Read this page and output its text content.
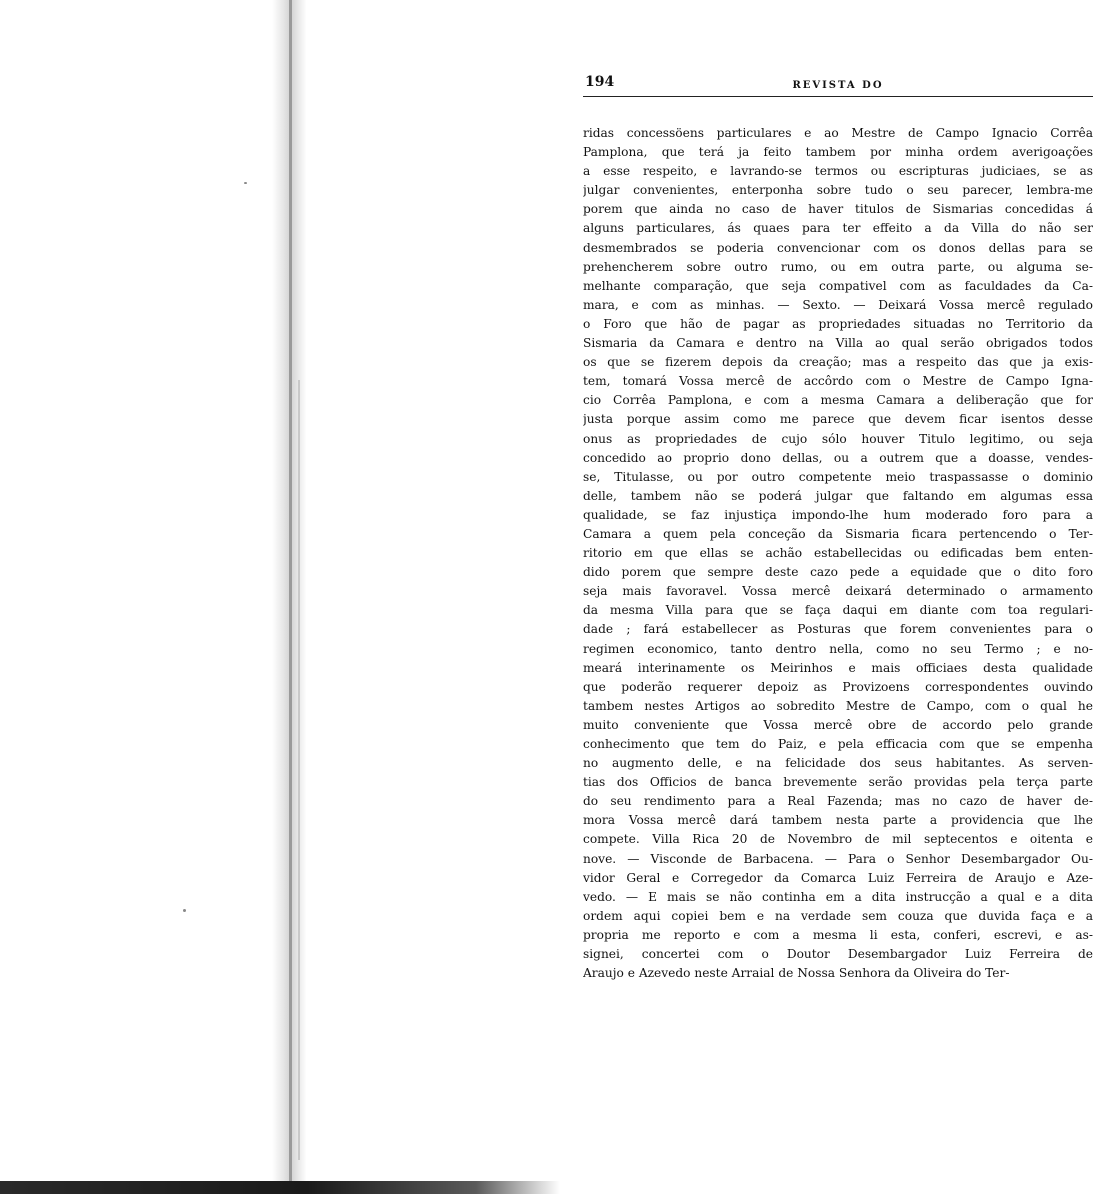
194	REVISTA DO
ridas concessöens particulares e ao Mestre de Campo Ignacio Corrêa
Pamplona, que terá ja feito tambem por minha ordem averigoações
a esse respeito, e lavrando-se termos ou escripturas judiciaes, se as
julgar convenientes, enterponha sobre tudo o seu parecer, lembra-me
porem que ainda no caso de haver titulos de Sismarias concedidas á
alguns particulares, ás quaes para ter effeito a da Villa do não ser
desmembrados se poderia convencionar com os donos dellas para se
prehencherem sobre outro rumo, ou em outra parte, ou alguma se-
melhante comparação, que seja compativel com as faculdades da Ca-
mara, e com as minhas. — Sexto. — Deixará Vossa mercê regulado
o Foro que hão de pagar as propriedades situadas no Territorio da
Sismaria da Camara e dentro na Villa ao qual serão obrigados todos
os que se fizerem depois da creação; mas a respeito das que ja exis-
tem, tomará Vossa mercê de accôrdo com o Mestre de Campo Igna-
cio Corrêa Pamplona, e com a mesma Camara a deliberação que for
justa porque assim como me parece que devem ficar isentos desse
onus as propriedades de cujo sólo houver Titulo legitimo, ou seja
concedido ao proprio dono dellas, ou a outrem que a doasse, vendes-
se, Titulasse, ou por outro competente meio traspassasse o dominio
delle, tambem não se poderá julgar que faltando em algumas essa
qualidade, se faz injustiça impondo-lhe hum moderado foro para a
Camara a quem pela conceção da Sismaria ficara pertencendo o Ter-
ritorio em que ellas se achão estabellecidas ou edificadas bem enten-
dido porem que sempre deste cazo pede a equidade que o dito foro
seja mais favoravel. Vossa mercê deixará determinado o armamento
da mesma Villa para que se faça daqui em diante com toa regulari-
dade ; fará estabellecer as Posturas que forem convenientes para o
regimen economico, tanto dentro nella, como no seu Termo ; e no-
meará interinamente os Meirinhos e mais officiaes desta qualidade
que poderão requerer depoiz as Provizoens correspondentes ouvindo
tambem nestes Artigos ao sobredito Mestre de Campo, com o qual he
muito conveniente que Vossa mercê obre de accordo pelo grande
conhecimento que tem do Paiz, e pela efficacia com que se empenha
no augmento delle, e na felicidade dos seus habitantes. As serven-
tias dos Officios de banca brevemente serão providas pela terça parte
do seu rendimento para a Real Fazenda; mas no cazo de haver de-
mora Vossa mercê dará tambem nesta parte a providencia que lhe
compete. Villa Rica 20 de Novembro de mil septecentos e oitenta e
nove. — Visconde de Barbacena. — Para o Senhor Desembargador Ou-
vidor Geral e Corregedor da Comarca Luiz Ferreira de Araujo e Aze-
vedo. — E mais se não continha em a dita instrucção a qual e a dita
ordem aqui copiei bem e na verdade sem couza que duvida faça e a
propria me reporto e com a mesma li esta, conferi, escrevi, e as-
signei, concertei com o Doutor Desembargador Luiz Ferreira de
Araujo e Azevedo neste Arraial de Nossa Senhora da Oliveira do Ter-
